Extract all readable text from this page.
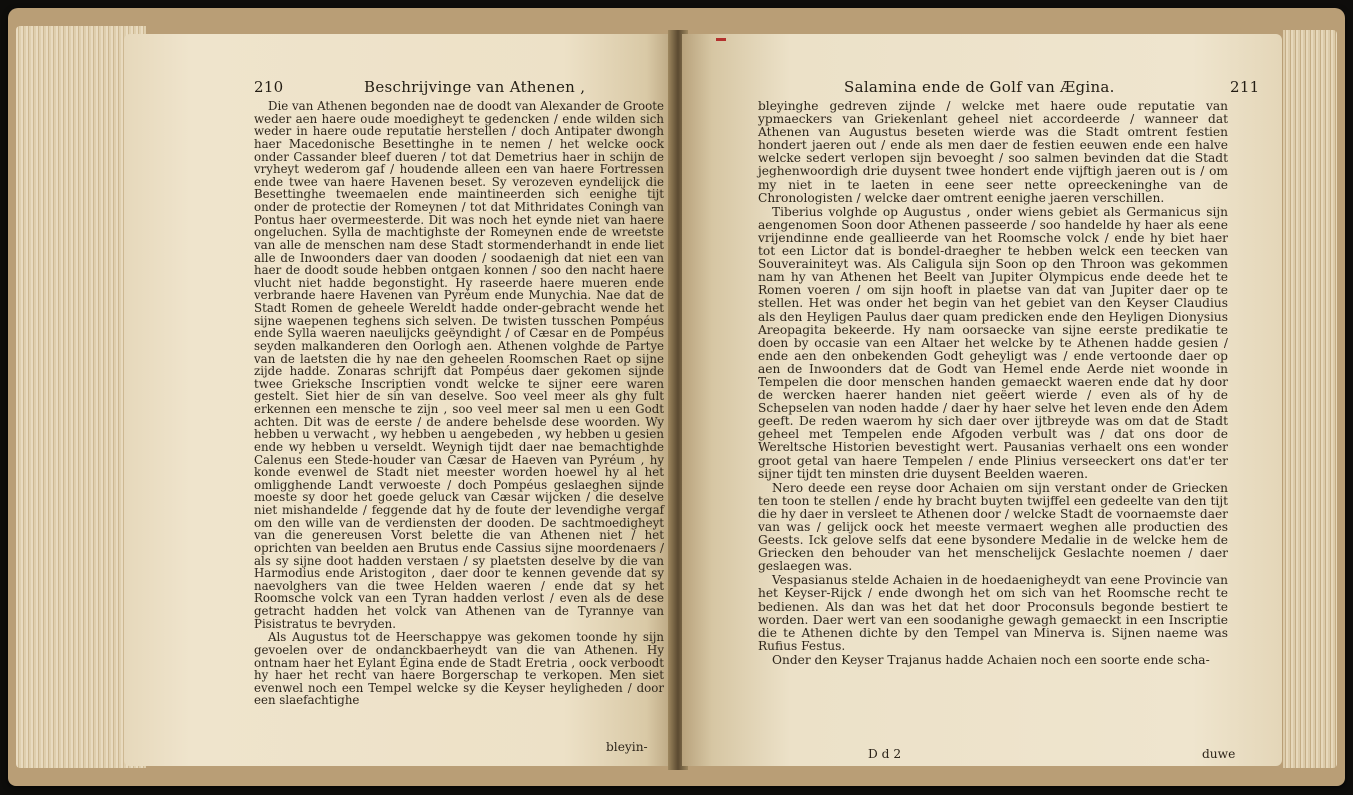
210	Beschrijvinge van Athenen ,

Die van Athenen begonden nae de doodt van Alexander de Groote weder aen haere oude moedigheyt te gedencken / ende wilden sich weder in haere oude reputatie herstellen / doch Antipater dwongh haer Macedonische Besettinghe in te nemen / het welcke oock onder Cassander bleef dueren / tot dat Demetrius haer in schijn de vryheyt wederom gaf / houdende alleen een van haere Fortressen ende twee van haere Havenen beset. Sy verozeven eyndelijck die Besettinghe tweemaelen ende maintineerden sich eenighe tijt onder de protectie der Romeynen / tot dat Mithridates Coningh van Pontus haer overmeesterde. Dit was noch het eynde niet van haere ongeluchen. Sylla de machtighste der Romeynen ende de wreetste van alle de menschen nam dese Stadt stormenderhandt in ende liet alle de Inwoonders daer van dooden / soodaenigh dat niet een van haer de doodt soude hebben ontgaen konnen / soo den nacht haere vlucht niet hadde begonstight. Hy raseerde haere mueren ende verbrande haere Havenen van Pyréum ende Munychia. Nae dat de Stadt Romen de geheele Wereldt hadde onder-gebracht wende het sijne waepenen teghens sich selven. De twisten tusschen Pompéus ende Sylla waeren naeulijcks geëyndight / of Cæsar en de Pompéus seyden malkanderen den Oorlogh aen. Athenen volghde de Partye van de laetsten die hy nae den geheelen Roomschen Raet op sijne zijde hadde. Zonaras schrijft dat Pompéus daer gekomen sijnde twee Grieksche Inscriptien vondt welcke te sijner eere waren gestelt. Siet hier de sin van deselve. Soo veel meer als ghy fult erkennen een mensche te zijn , soo veel meer sal men u een Godt achten. Dit was de eerste / de andere behelsde dese woorden. Wy hebben u verwacht , wy hebben u aengebeden , wy hebben u gesien ende wy hebben u verseldt. Weynigh tijdt daer nae bemachtighde Calenus een Stede-houder van Cæsar de Haeven van Pyréum , hy konde evenwel de Stadt niet meester worden hoewel hy al het omligghende Landt verwoeste / doch Pompéus geslaeghen sijnde moeste sy door het goede geluck van Cæsar wijcken / die deselve niet mishandelde / feggende dat hy de foute der levendighe vergaf om den wille van de verdiensten der dooden. De sachtmoedigheyt van die genereusen Vorst belette die van Athenen niet / het oprichten van beelden aen Brutus ende Cassius sijne moordenaers / als sy sijne doot hadden verstaen / sy plaetsten deselve by die van Harmodius ende Aristogiton , daer door te kennen gevende dat sy naevolghers van die twee Helden waeren / ende dat sy het Roomsche volck van een Tyran hadden verlost / even als de dese getracht hadden het volck van Athenen van de Tyrannye van Pisistratus te bevryden.

Als Augustus tot de Heerschappye was gekomen toonde hy sijn gevoelen over de ondanckbaerheydt van die van Athenen. Hy ontnam haer het Eylant Égina ende de Stadt Eretria , oock verboodt hy haer het recht van haere Borgerschap te verkopen. Men siet evenwel noch een Tempel welcke sy die Keyser heyligheden / door een slaefachtighe

bleyin-
Salamina ende de Golf van Ægina.	211

bleyinghe gedreven zijnde / welcke met haere oude reputatie van ypmaeckers van Griekenlant geheel niet accordeerde / wanneer dat Athenen van Augustus beseten wierde was die Stadt omtrent festien hondert jaeren out / ende als men daer de festien eeuwen ende een halve welcke sedert verlopen sijn bevoeght / soo salmen bevinden dat die Stadt jeghenwoordigh drie duysent twee hondert ende vijftigh jaeren out is / om my niet in te laeten in eene seer nette opreeckeninghe van de Chronologisten / welcke daer omtrent eenighe jaeren verschillen.

Tiberius volghde op Augustus , onder wiens gebiet als Germanicus sijn aengenomen Soon door Athenen passeerde / soo handelde hy haer als eene vrijendinne ende geallieerde van het Roomsche volck / ende hy biet haer tot een Lictor dat is bondel-draegher te hebben welck een teecken van Souverainiteyt was. Als Caligula sijn Soon op den Throon was gekommen nam hy van Athenen het Beelt van Jupiter Olympicus ende deede het te Romen voeren / om sijn hooft in plaetse van dat van Jupiter daer op te stellen. Het was onder het begin van het gebiet van den Keyser Claudius als den Heyligen Paulus daer quam predicken ende den Heyligen Dionysius Areopagita bekeerde. Hy nam oorsaecke van sijne eerste predikatie te doen by occasie van een Altaer het welcke by te Athenen hadde gesien / ende aen den onbekenden Godt geheyligt was / ende vertoonde daer op aen de Inwoonders dat de Godt van Hemel ende Aerde niet woonde in Tempelen die door menschen handen gemaeckt waeren ende dat hy door de wercken haerer handen niet geëert wierde / even als of hy de Schepselen van noden hadde / daer hy haer selve het leven ende den Adem geeft. De reden waerom hy sich daer over ijtbreyde was om dat de Stadt geheel met Tempelen ende Afgoden verbult was / dat ons door de Wereltsche Historien bevestight wert. Pausanias verhaelt ons een wonder groot getal van haere Tempelen / ende Plinius verseeckert ons dat'er ter sijner tijdt ten minsten drie duysent Beelden waeren.

Nero deede een reyse door Achaien om sijn verstant onder de Griecken ten toon te stellen / ende hy bracht buyten twijffel een gedeelte van den tijt die hy daer in versleet te Athenen door / welcke Stadt de voornaemste daer van was / gelijck oock het meeste vermaert weghen alle productien des Geests. Ick gelove selfs dat eene bysondere Medalie in de welcke hem de Griecken den behouder van het menschelijck Geslachte noemen / daer geslaegen was.

Vespasianus stelde Achaien in de hoedaenigheydt van eene Provincie van het Keyser-Rijck / ende dwongh het om sich van het Roomsche recht te bedienen. Als dan was het dat het door Proconsuls begonde bestiert te worden. Daer wert van een soodanighe gewagh gemaeckt in een Inscriptie die te Athenen dichte by den Tempel van Minerva is. Sijnen naeme was Rufius Festus.

Onder den Keyser Trajanus hadde Achaien noch een soorte ende scha-

D d 2	duwe
